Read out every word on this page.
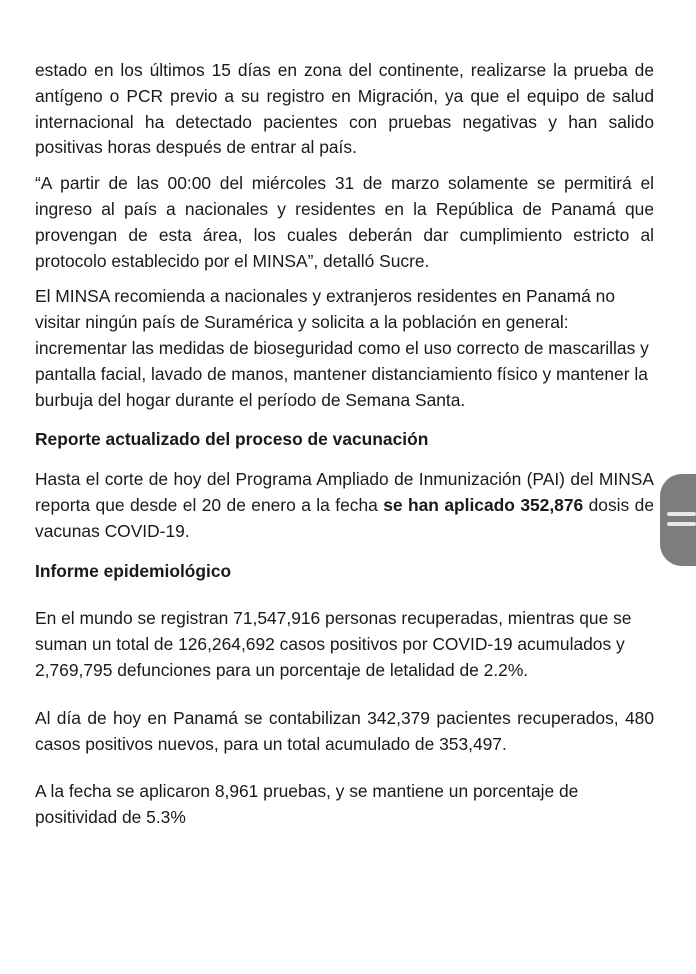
estado en los últimos 15 días en zona del continente, realizarse la prueba de antígeno o PCR previo a su registro en Migración, ya que el equipo de salud internacional ha detectado pacientes con pruebas negativas y han salido positivas horas después de entrar al país.

“A partir de las 00:00 del miércoles 31 de marzo solamente se permitirá el ingreso al país a nacionales y residentes en la República de Panamá que provengan de esta área, los cuales deberán dar cumplimiento estricto al protocolo establecido por el MINSA”, detalló Sucre.

El MINSA recomienda a nacionales y extranjeros residentes en Panamá no visitar ningún país de Suramérica y solicita a la población en general: incrementar las medidas de bioseguridad como el uso correcto de mascarillas y pantalla facial, lavado de manos, mantener distanciamiento físico y mantener la burbuja del hogar durante el período de Semana Santa.

Reporte actualizado del proceso de vacunación

Hasta el corte de hoy del Programa Ampliado de Inmunización (PAI) del MINSA reporta que desde el 20 de enero a la fecha se han aplicado 352,876 dosis de vacunas COVID-19.

Informe epidemiológico

En el mundo se registran 71,547,916 personas recuperadas, mientras que se suman un total de 126,264,692 casos positivos por COVID-19 acumulados y 2,769,795 defunciones para un porcentaje de letalidad de 2.2%.

Al día de hoy en Panamá se contabilizan 342,379 pacientes recuperados, 480 casos positivos nuevos, para un total acumulado de 353,497.

A la fecha se aplicaron 8,961 pruebas, y se mantiene un porcentaje de positividad de 5.3%
